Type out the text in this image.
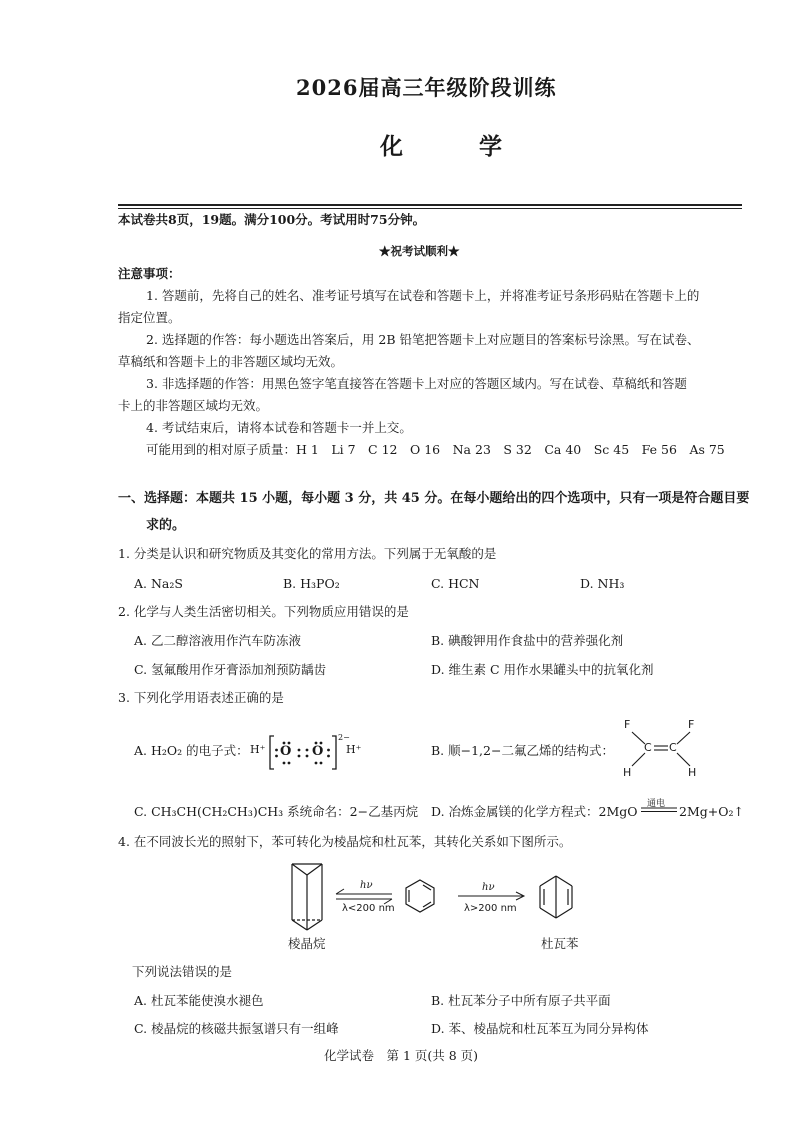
2026届高三年级阶段训练
化 学
本试卷共8页，19题。满分100分。考试用时75分钟。
★祝考试顺利★
注意事项：
1. 答题前，先将自己的姓名、准考证号填写在试卷和答题卡上，并将准考证号条形码贴在答题卡上的
指定位置。
2. 选择题的作答：每小题选出答案后，用 2B 铅笔把答题卡上对应题目的答案标号涂黑。写在试卷、
草稿纸和答题卡上的非答题区域均无效。
3. 非选择题的作答：用黑色签字笔直接答在答题卡上对应的答题区域内。写在试卷、草稿纸和答题
卡上的非答题区域均无效。
4. 考试结束后，请将本试卷和答题卡一并上交。
可能用到的相对原子质量：H 1　Li 7　C 12　O 16　Na 23　S 32　Ca 40　Sc 45　Fe 56　As 75
一、选择题：本题共 15 小题，每小题 3 分，共 45 分。在每小题给出的四个选项中，只有一项是符合题目要
求的。
1. 分类是认识和研究物质及其变化的常用方法。下列属于无氧酸的是
A. Na₂S	B. H₃PO₂	C. HCN	D. NH₃
2. 化学与人类生活密切相关。下列物质应用错误的是
A. 乙二醇溶液用作汽车防冻液	B. 碘酸钾用作食盐中的营养强化剂
C. 氢氟酸用作牙膏添加剂预防龋齿	D. 维生素 C 用作水果罐头中的抗氧化剂
3. 下列化学用语表述正确的是
A. H₂O₂ 的电子式： H⁺ O O
2−
H⁺	B. 顺−1,2−二氟乙烯的结构式：
F	F
C C
H	H
C. CH₃CH(CH₂CH₃)CH₃ 系统命名：2−乙基丙烷 D. 冶炼金属镁的化学方程式：2MgO 通电 2Mg+O₂↑
4. 在不同波长光的照射下，苯可转化为棱晶烷和杜瓦苯，其转化关系如下图所示。
hν
λ<200 nm
hν
λ>200 nm
棱晶烷	杜瓦苯
下列说法错误的是
A. 杜瓦苯能使溴水褪色	B. 杜瓦苯分子中所有原子共平面
C. 棱晶烷的核磁共振氢谱只有一组峰	D. 苯、棱晶烷和杜瓦苯互为同分异构体
化学试卷　第 1 页(共 8 页)
